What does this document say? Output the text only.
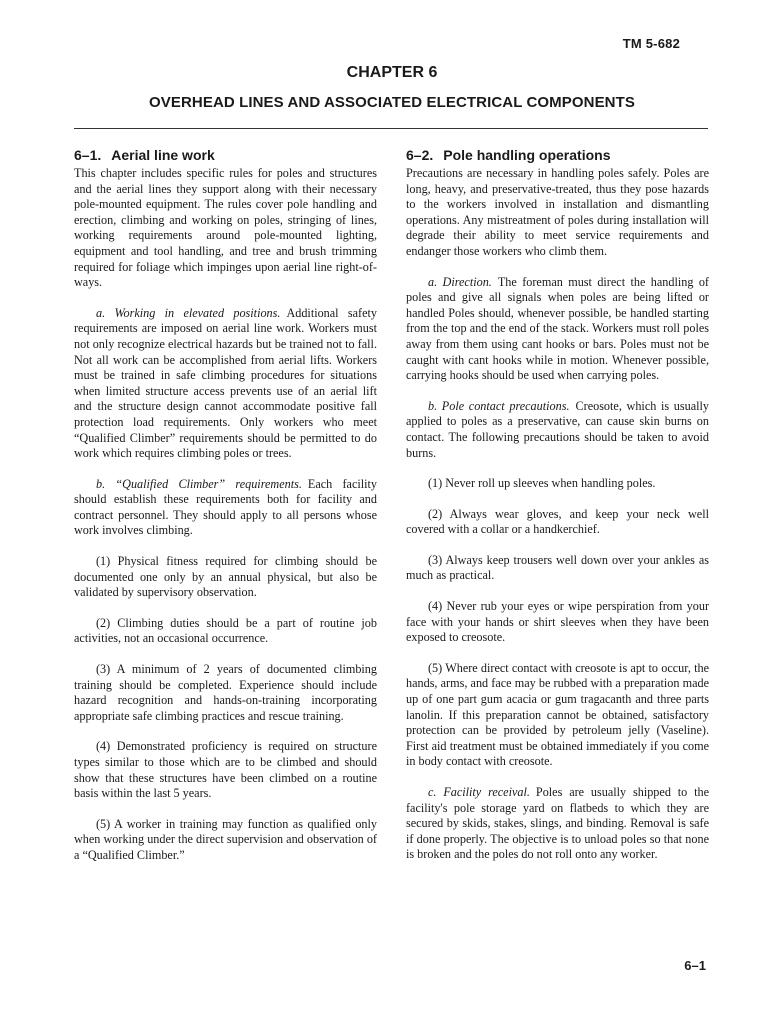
TM 5-682
CHAPTER 6
OVERHEAD LINES AND ASSOCIATED ELECTRICAL COMPONENTS
6–1. Aerial line work

This chapter includes specific rules for poles and structures and the aerial lines they support along with their necessary pole-mounted equipment. The rules cover pole handling and erection, climbing and working on poles, stringing of lines, working requirements around pole-mounted lighting, equipment and tool handling, and tree and brush trimming required for foliage which impinges upon aerial line right-of-ways.

a. Working in elevated positions. Additional safety requirements are imposed on aerial line work. Workers must not only recognize electrical hazards but be trained not to fall. Not all work can be accomplished from aerial lifts. Workers must be trained in safe climbing procedures for situations when limited structure access prevents use of an aerial lift and the structure design cannot accommodate positive fall protection load requirements. Only workers who meet “Qualified Climber” requirements should be permitted to do work which requires climbing poles or trees.

b. “Qualified Climber” requirements. Each facility should establish these requirements both for facility and contract personnel. They should apply to all persons whose work involves climbing.

(1) Physical fitness required for climbing should be documented one only by an annual physical, but also be validated by supervisory observation.

(2) Climbing duties should be a part of routine job activities, not an occasional occurrence.

(3) A minimum of 2 years of documented climbing training should be completed. Experience should include hazard recognition and hands-on-training incorporating appropriate safe climbing practices and rescue training.

(4) Demonstrated proficiency is required on structure types similar to those which are to be climbed and should show that these structures have been climbed on a routine basis within the last 5 years.

(5) A worker in training may function as qualified only when working under the direct supervision and observation of a “Qualified Climber.”

6–2. Pole handling operations

Precautions are necessary in handling poles safely. Poles are long, heavy, and preservative-treated, thus they pose hazards to the workers involved in installation and dismantling operations. Any mistreatment of poles during installation will degrade their ability to meet service requirements and endanger those workers who climb them.

a. Direction. The foreman must direct the handling of poles and give all signals when poles are being lifted or handled Poles should, whenever possible, be handled starting from the top and the end of the stack. Workers must roll poles away from them using cant hooks or bars. Poles must not be caught with cant hooks while in motion. Whenever possible, carrying hooks should be used when carrying poles.

b. Pole contact precautions. Creosote, which is usually applied to poles as a preservative, can cause skin burns on contact. The following precautions should be taken to avoid burns.

(1) Never roll up sleeves when handling poles.

(2) Always wear gloves, and keep your neck well covered with a collar or a handkerchief.

(3) Always keep trousers well down over your ankles as much as practical.

(4) Never rub your eyes or wipe perspiration from your face with your hands or shirt sleeves when they have been exposed to creosote.

(5) Where direct contact with creosote is apt to occur, the hands, arms, and face may be rubbed with a preparation made up of one part gum acacia or gum tragacanth and three parts lanolin. If this preparation cannot be obtained, satisfactory protection can be provided by petroleum jelly (Vaseline). First aid treatment must be obtained immediately if you come in body contact with creosote.

c. Facility receival. Poles are usually shipped to the facility's pole storage yard on flatbeds to which they are secured by skids, stakes, slings, and binding. Removal is safe if done properly. The objective is to unload poles so that none is broken and the poles do not roll onto any worker.

6–1
